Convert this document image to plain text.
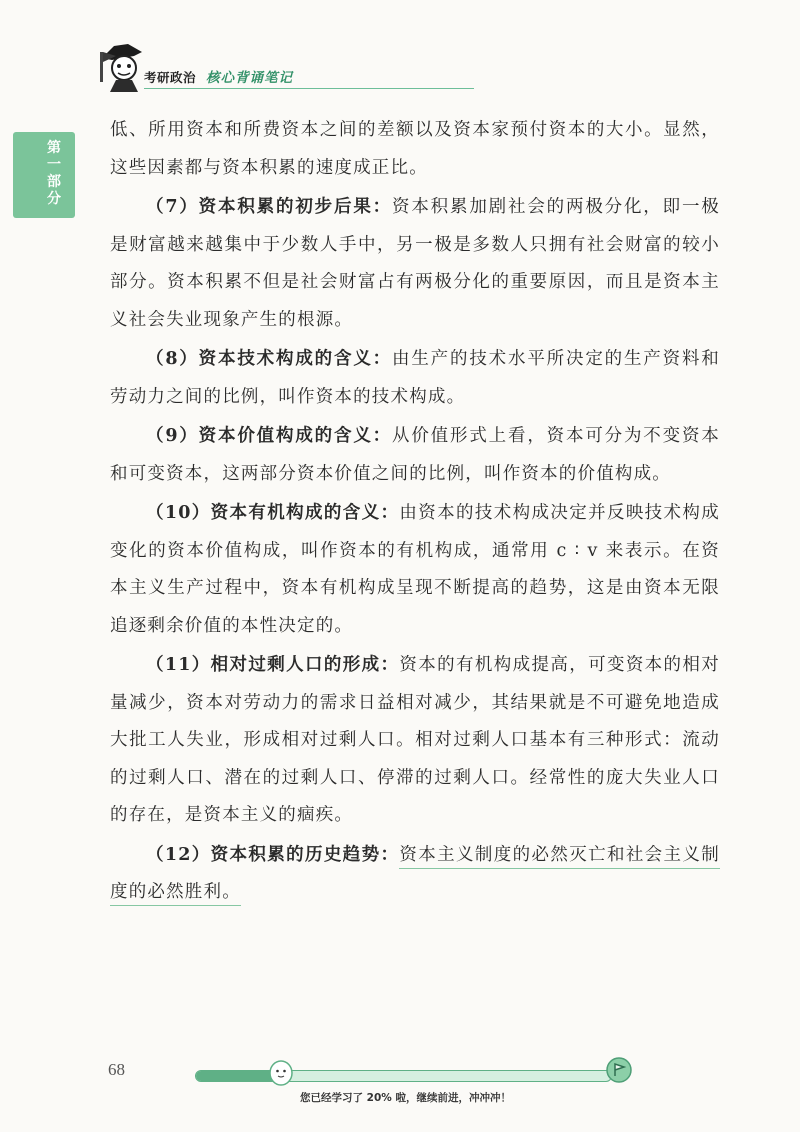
考研政治 核心背诵笔记
第一部分

低、所用资本和所费资本之间的差额以及资本家预付资本的大小。显然，这些因素都与资本积累的速度成正比。

（7）资本积累的初步后果：资本积累加剧社会的两极分化，即一极是财富越来越集中于少数人手中，另一极是多数人只拥有社会财富的较小部分。资本积累不但是社会财富占有两极分化的重要原因，而且是资本主义社会失业现象产生的根源。

（8）资本技术构成的含义：由生产的技术水平所决定的生产资料和劳动力之间的比例，叫作资本的技术构成。

（9）资本价值构成的含义：从价值形式上看，资本可分为不变资本和可变资本，这两部分资本价值之间的比例，叫作资本的价值构成。

（10）资本有机构成的含义：由资本的技术构成决定并反映技术构成变化的资本价值构成，叫作资本的有机构成，通常用 c ∶ v 来表示。在资本主义生产过程中，资本有机构成呈现不断提高的趋势，这是由资本无限追逐剩余价值的本性决定的。

（11）相对过剩人口的形成：资本的有机构成提高，可变资本的相对量减少，资本对劳动力的需求日益相对减少，其结果就是不可避免地造成大批工人失业，形成相对过剩人口。相对过剩人口基本有三种形式：流动的过剩人口、潜在的过剩人口、停滞的过剩人口。经常性的庞大失业人口的存在，是资本主义的痼疾。

（12）资本积累的历史趋势：资本主义制度的必然灭亡和社会主义制度的必然胜利。

68
您已经学习了 20% 啦，继续前进，冲冲冲！
